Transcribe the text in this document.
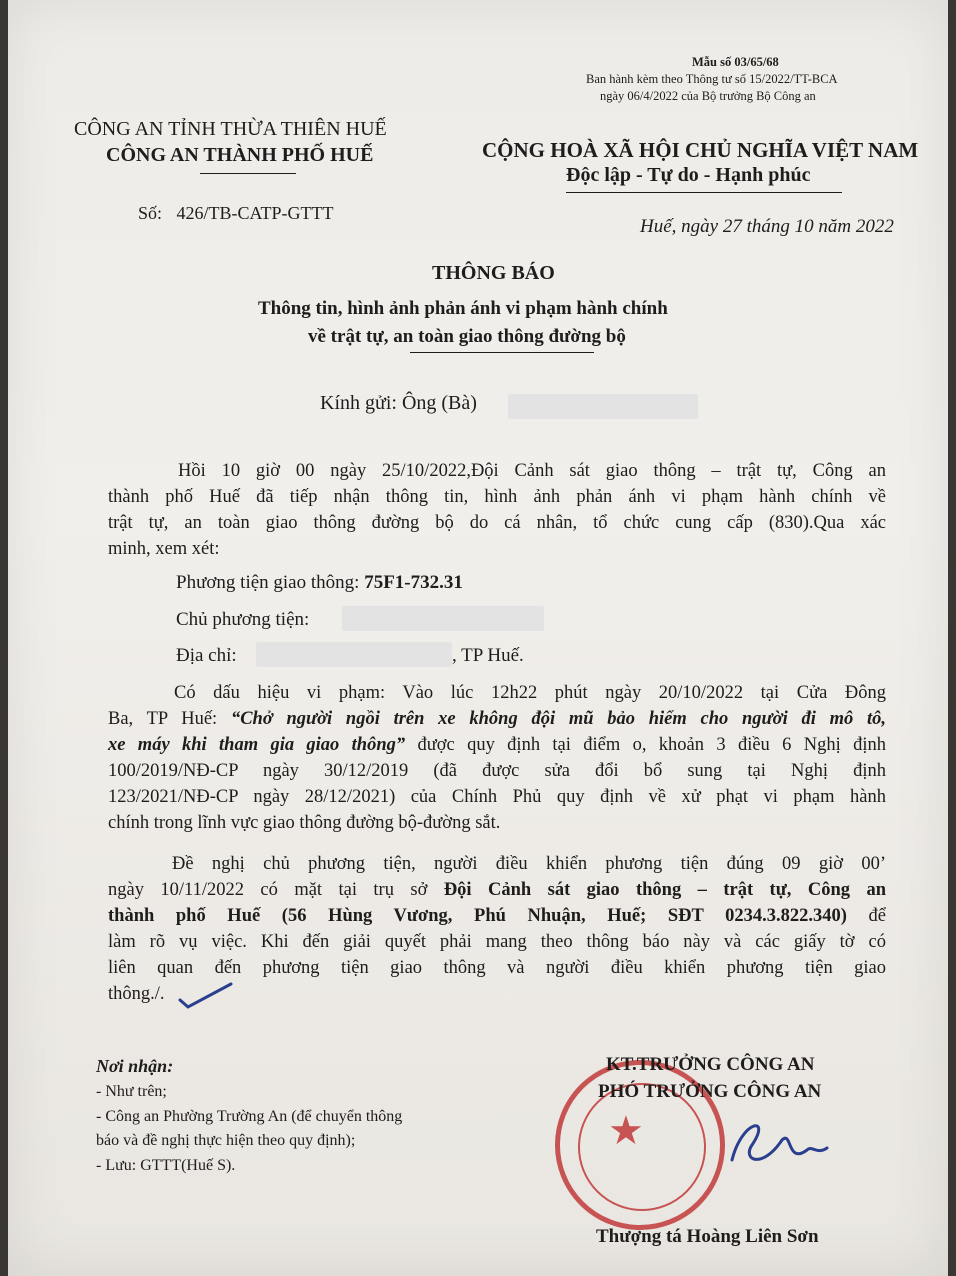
Mẫu số 03/65/68
Ban hành kèm theo Thông tư số 15/2022/TT-BCA
ngày 06/4/2022 của Bộ trưởng Bộ Công an
CÔNG AN TỈNH THỪA THIÊN HUẾ
CÔNG AN THÀNH PHỐ HUẾ
Số: 426/TB-CATP-GTTT
CỘNG HOÀ XÃ HỘI CHỦ NGHĨA VIỆT NAM
Độc lập - Tự do - Hạnh phúc
Huế, ngày 27 tháng 10 năm 2022
THÔNG BÁO
Thông tin, hình ảnh phản ánh vi phạm hành chính
về trật tự, an toàn giao thông đường bộ
Kính gửi: Ông (Bà)
Hồi 10 giờ 00 ngày 25/10/2022,Đội Cảnh sát giao thông – trật tự, Công an
thành phố Huế đã tiếp nhận thông tin, hình ảnh phản ánh vi phạm hành chính về
trật tự, an toàn giao thông đường bộ do cá nhân, tổ chức cung cấp (830).Qua xác
minh, xem xét:
Phương tiện giao thông: 75F1-732.31
Chủ phương tiện:
Địa chỉ:	, TP Huế.
Có dấu hiệu vi phạm: Vào lúc 12h22 phút ngày 20/10/2022 tại Cửa Đông
Ba, TP Huế: “Chở người ngồi trên xe không đội mũ bảo hiểm cho người đi mô tô,
xe máy khi tham gia giao thông” được quy định tại điểm o, khoản 3 điều 6 Nghị định
100/2019/NĐ-CP ngày 30/12/2019 (đã được sửa đổi bổ sung tại Nghị định
123/2021/NĐ-CP ngày 28/12/2021) của Chính Phủ quy định về xử phạt vi phạm hành
chính trong lĩnh vực giao thông đường bộ-đường sắt.
Đề nghị chủ phương tiện, người điều khiển phương tiện đúng 09 giờ 00’
ngày 10/11/2022 có mặt tại trụ sở Đội Cảnh sát giao thông – trật tự, Công an
thành phố Huế (56 Hùng Vương, Phú Nhuận, Huế; SĐT 0234.3.822.340) để
làm rõ vụ việc. Khi đến giải quyết phải mang theo thông báo này và các giấy tờ có
liên quan đến phương tiện giao thông và người điều khiển phương tiện giao
thông./.
Nơi nhận:
- Như trên;
- Công an Phường Trường An (để chuyển thông
báo và đề nghị thực hiện theo quy định);
- Lưu: GTTT(Huế S).
★
KT.TRƯỞNG CÔNG AN
PHÓ TRƯỞNG CÔNG AN
Thượng tá Hoàng Liên Sơn
